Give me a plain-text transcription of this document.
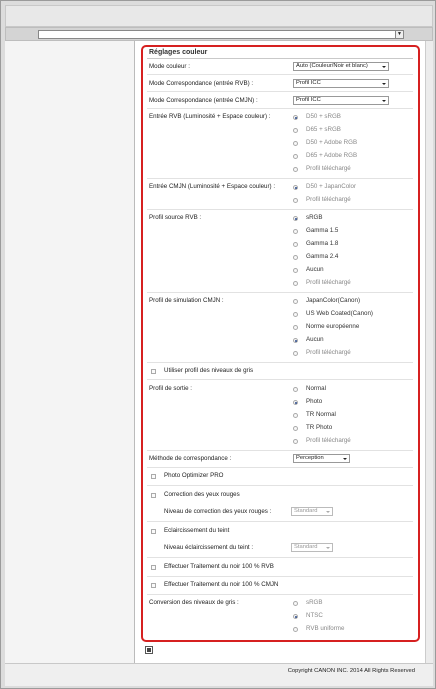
▼
Réglages couleur
Mode couleur :	Auto (Couleur/Noir et blanc)
Mode Correspondance (entrée RVB) :	Profil ICC
Mode Correspondance (entrée CMJN) :	Profil ICC
Entrée RVB (Luminosité + Espace couleur) :	D50 + sRGB
D65 + sRGB
D50 + Adobe RGB
D65 + Adobe RGB
Profil téléchargé
Entrée CMJN (Luminosité + Espace couleur) :	D50 + JapanColor
Profil téléchargé
Profil source RVB :	sRGB
Gamma 1.5
Gamma 1.8
Gamma 2.4
Aucun
Profil téléchargé
Profil de simulation CMJN :	JapanColor(Canon)
US Web Coated(Canon)
Norme européenne
Aucun
Profil téléchargé
Utiliser profil des niveaux de gris
Profil de sortie :	Normal
Photo
TR Normal
TR Photo
Profil téléchargé
Méthode de correspondance :	Perception
Photo Optimizer PRO
Correction des yeux rouges
Niveau de correction des yeux rouges :	Standard
Eclaircissement du teint
Niveau éclaircissement du teint :	Standard
Effectuer Traitement du noir 100 % RVB
Effectuer Traitement du noir 100 % CMJN
Conversion des niveaux de gris :	sRGB
NTSC
RVB uniforme
Copyright CANON INC. 2014 All Rights Reserved
